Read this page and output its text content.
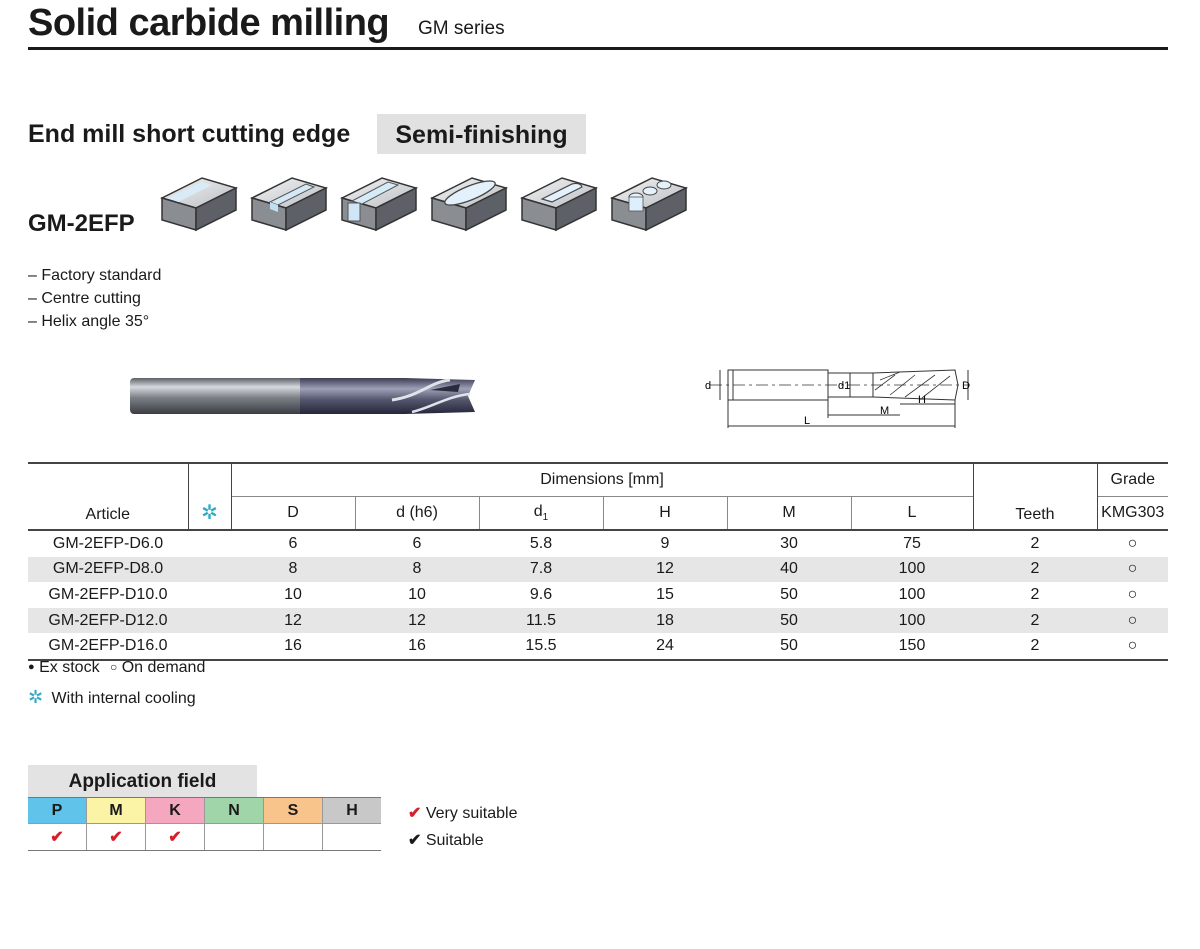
Solid carbide milling GM series
End mill short cutting edge	Semi-finishing
GM-2EFP
– Factory standard
– Centre cutting
– Helix angle 35°
d	d1	D
M
H
L
Article	✲	Dimensions [mm]						Teeth	Grade
		D	d (h6)	$d_1$	H	M	L		KMG303
GM-2EFP-D6.0		6	6	5.8	9	30	75	2	○
GM-2EFP-D8.0		8	8	7.8	12	40	100	2	○
GM-2EFP-D10.0		10	10	9.6	15	50	100	2	○
GM-2EFP-D12.0		12	12	11.5	18	50	100	2	○
GM-2EFP-D16.0		16	16	15.5	24	50	150	2	○
● Ex stock ○ On demand
✲ With internal cooling
Application field
P	M	K	N	S	H
✔	✔	✔			
✔ Very suitable
✔ Suitable
